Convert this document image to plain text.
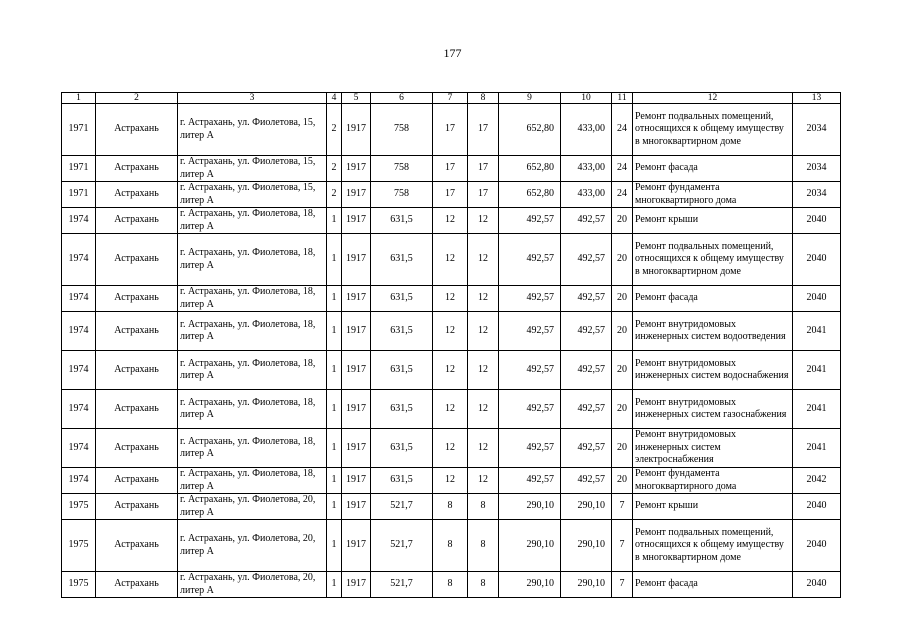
177
1	2	3	4	5	6	7	8	9	10	11	12	13
1971	Астрахань	г. Астрахань, ул. Фиолетова, 15, литер А	2	1917	758	17	17	652,80	433,00	24	Ремонт подвальных помещений, относящихся к общему имуществу в многоквартирном доме	2034
1971	Астрахань	г. Астрахань, ул. Фиолетова, 15, литер А	2	1917	758	17	17	652,80	433,00	24	Ремонт фасада	2034
1971	Астрахань	г. Астрахань, ул. Фиолетова, 15, литер А	2	1917	758	17	17	652,80	433,00	24	Ремонт фундамента многоквартирного дома	2034
1974	Астрахань	г. Астрахань, ул. Фиолетова, 18, литер А	1	1917	631,5	12	12	492,57	492,57	20	Ремонт крыши	2040
1974	Астрахань	г. Астрахань, ул. Фиолетова, 18, литер А	1	1917	631,5	12	12	492,57	492,57	20	Ремонт подвальных помещений, относящихся к общему имуществу в многоквартирном доме	2040
1974	Астрахань	г. Астрахань, ул. Фиолетова, 18, литер А	1	1917	631,5	12	12	492,57	492,57	20	Ремонт фасада	2040
1974	Астрахань	г. Астрахань, ул. Фиолетова, 18, литер А	1	1917	631,5	12	12	492,57	492,57	20	Ремонт внутридомовых инженерных систем водоотведения	2041
1974	Астрахань	г. Астрахань, ул. Фиолетова, 18, литер А	1	1917	631,5	12	12	492,57	492,57	20	Ремонт внутридомовых инженерных систем водоснабжения	2041
1974	Астрахань	г. Астрахань, ул. Фиолетова, 18, литер А	1	1917	631,5	12	12	492,57	492,57	20	Ремонт внутридомовых инженерных систем газоснабжения	2041
1974	Астрахань	г. Астрахань, ул. Фиолетова, 18, литер А	1	1917	631,5	12	12	492,57	492,57	20	Ремонт внутридомовых инженерных систем электроснабжения	2041
1974	Астрахань	г. Астрахань, ул. Фиолетова, 18, литер А	1	1917	631,5	12	12	492,57	492,57	20	Ремонт фундамента многоквартирного дома	2042
1975	Астрахань	г. Астрахань, ул. Фиолетова, 20, литер А	1	1917	521,7	8	8	290,10	290,10	7	Ремонт крыши	2040
1975	Астрахань	г. Астрахань, ул. Фиолетова, 20, литер А	1	1917	521,7	8	8	290,10	290,10	7	Ремонт подвальных помещений, относящихся к общему имуществу в многоквартирном доме	2040
1975	Астрахань	г. Астрахань, ул. Фиолетова, 20, литер А	1	1917	521,7	8	8	290,10	290,10	7	Ремонт фасада	2040
